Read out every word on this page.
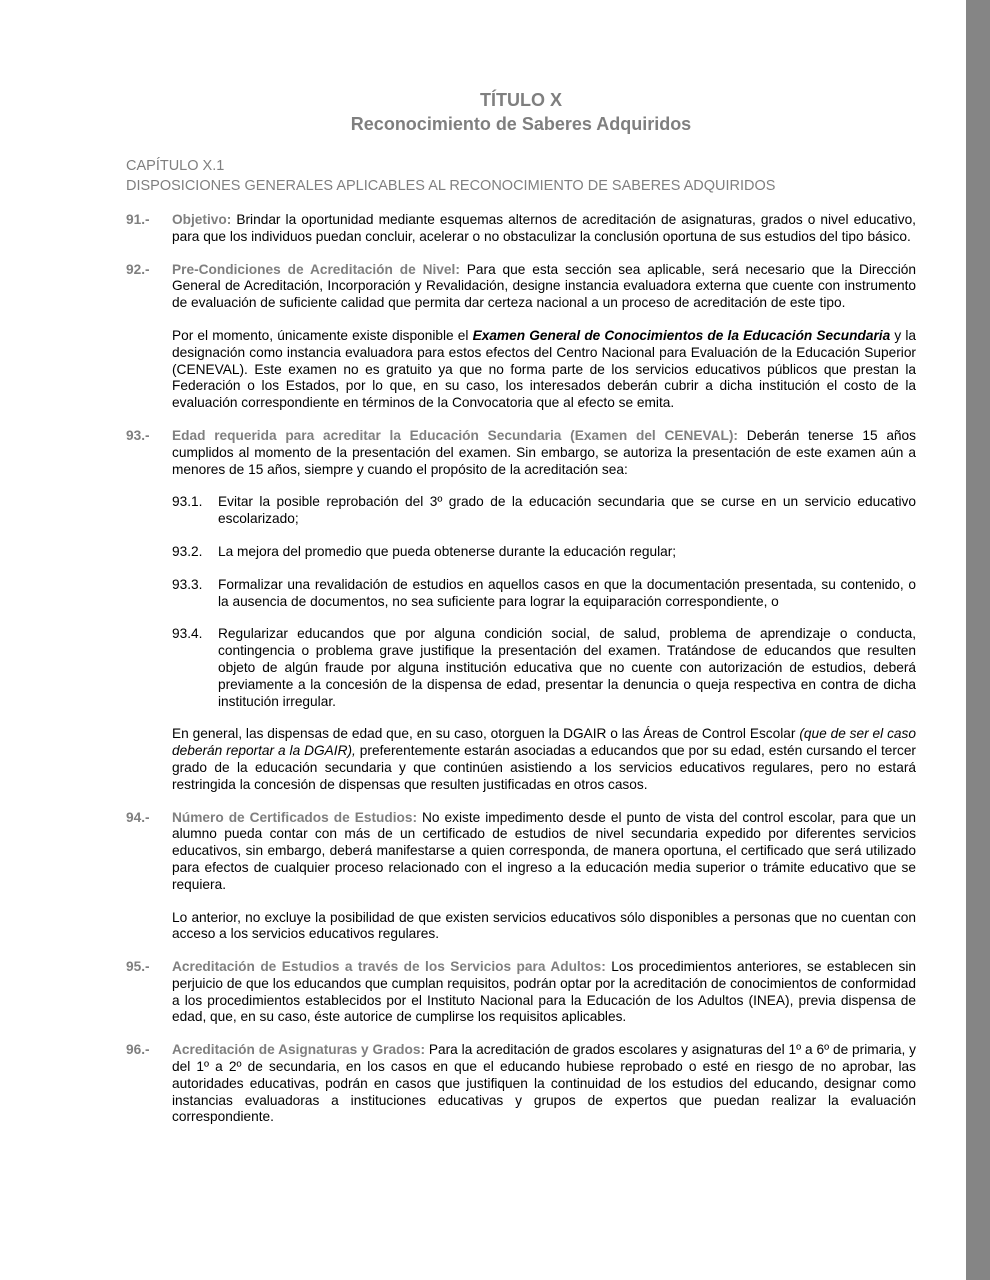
TÍTULO X
Reconocimiento de Saberes Adquiridos
CAPÍTULO X.1
DISPOSICIONES GENERALES APLICABLES AL RECONOCIMIENTO DE SABERES ADQUIRIDOS
91.-	Objetivo: Brindar la oportunidad mediante esquemas alternos de acreditación de asignaturas, grados o nivel educativo, para que los individuos puedan concluir, acelerar o no obstaculizar la conclusión oportuna de sus estudios del tipo básico.
92.-	Pre-Condiciones de Acreditación de Nivel: Para que esta sección sea aplicable, será necesario que la Dirección General de Acreditación, Incorporación y Revalidación, designe instancia evaluadora externa que cuente con instrumento de evaluación de suficiente calidad que permita dar certeza nacional a un proceso de acreditación de este tipo.
Por el momento, únicamente existe disponible el Examen General de Conocimientos de la Educación Secundaria y la designación como instancia evaluadora para estos efectos del Centro Nacional para Evaluación de la Educación Superior (CENEVAL). Este examen no es gratuito ya que no forma parte de los servicios educativos públicos que prestan la Federación o los Estados, por lo que, en su caso, los interesados deberán cubrir a dicha institución el costo de la evaluación correspondiente en términos de la Convocatoria que al efecto se emita.
93.-	Edad requerida para acreditar la Educación Secundaria (Examen del CENEVAL): Deberán tenerse 15 años cumplidos al momento de la presentación del examen. Sin embargo, se autoriza la presentación de este examen aún a menores de 15 años, siempre y cuando el propósito de la acreditación sea:
93.1.	Evitar la posible reprobación del 3º grado de la educación secundaria que se curse en un servicio educativo escolarizado;
93.2.	La mejora del promedio que pueda obtenerse durante la educación regular;
93.3.	Formalizar una revalidación de estudios en aquellos casos en que la documentación presentada, su contenido, o la ausencia de documentos, no sea suficiente para lograr la equiparación correspondiente, o
93.4.	Regularizar educandos que por alguna condición social, de salud, problema de aprendizaje o conducta, contingencia o problema grave justifique la presentación del examen. Tratándose de educandos que resulten objeto de algún fraude por alguna institución educativa que no cuente con autorización de estudios, deberá previamente a la concesión de la dispensa de edad, presentar la denuncia o queja respectiva en contra de dicha institución irregular.
En general, las dispensas de edad que, en su caso, otorguen la DGAIR o las Áreas de Control Escolar (que de ser el caso deberán reportar a la DGAIR), preferentemente estarán asociadas a educandos que por su edad, estén cursando el tercer grado de la educación secundaria y que continúen asistiendo a los servicios educativos regulares, pero no estará restringida la concesión de dispensas que resulten justificadas en otros casos.
94.-	Número de Certificados de Estudios: No existe impedimento desde el punto de vista del control escolar, para que un alumno pueda contar con más de un certificado de estudios de nivel secundaria expedido por diferentes servicios educativos, sin embargo, deberá manifestarse a quien corresponda, de manera oportuna, el certificado que será utilizado para efectos de cualquier proceso relacionado con el ingreso a la educación media superior o trámite educativo que se requiera.
Lo anterior, no excluye la posibilidad de que existen servicios educativos sólo disponibles a personas que no cuentan con acceso a los servicios educativos regulares.
95.-	Acreditación de Estudios a través de los Servicios para Adultos: Los procedimientos anteriores, se establecen sin perjuicio de que los educandos que cumplan requisitos, podrán optar por la acreditación de conocimientos de conformidad a los procedimientos establecidos por el Instituto Nacional para la Educación de los Adultos (INEA), previa dispensa de edad, que, en su caso, éste autorice de cumplirse los requisitos aplicables.
96.-	Acreditación de Asignaturas y Grados: Para la acreditación de grados escolares y asignaturas del 1º a 6º de primaria, y del 1º a 2º de secundaria, en los casos en que el educando hubiese reprobado o esté en riesgo de no aprobar, las autoridades educativas, podrán en casos que justifiquen la continuidad de los estudios del educando, designar como instancias evaluadoras a instituciones educativas y grupos de expertos que puedan realizar la evaluación correspondiente.
